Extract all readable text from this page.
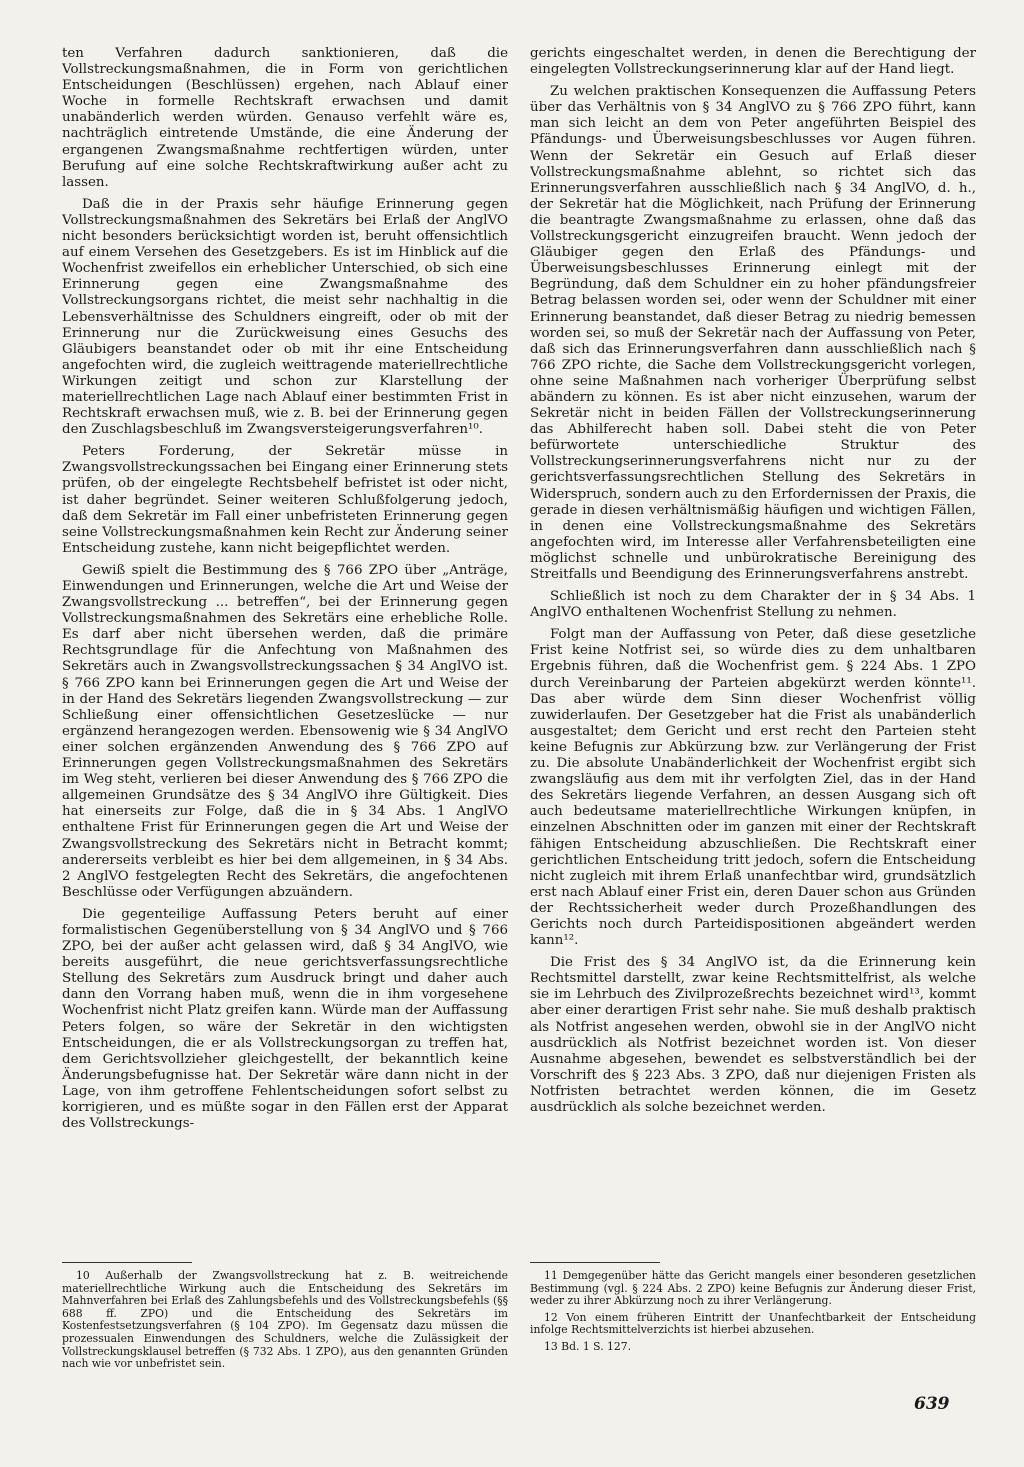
ten Verfahren dadurch sanktionieren, daß die Vollstreckungsmaßnahmen, die in Form von gerichtlichen Entscheidungen (Beschlüssen) ergehen, nach Ablauf einer Woche in formelle Rechtskraft erwachsen und damit unabänderlich werden würden. Genauso verfehlt wäre es, nachträglich eintretende Umstände, die eine Änderung der ergangenen Zwangsmaßnahme rechtfertigen würden, unter Berufung auf eine solche Rechtskraftwirkung außer acht zu lassen.

Daß die in der Praxis sehr häufige Erinnerung gegen Vollstreckungsmaßnahmen des Sekretärs bei Erlaß der AnglVO nicht besonders berücksichtigt worden ist, beruht offensichtlich auf einem Versehen des Gesetzgebers. Es ist im Hinblick auf die Wochenfrist zweifellos ein erheblicher Unterschied, ob sich eine Erinnerung gegen eine Zwangsmaßnahme des Vollstreckungsorgans richtet, die meist sehr nachhaltig in die Lebensverhältnisse des Schuldners eingreift, oder ob mit der Erinnerung nur die Zurückweisung eines Gesuchs des Gläubigers beanstandet oder ob mit ihr eine Entscheidung angefochten wird, die zugleich weittragende materiellrechtliche Wirkungen zeitigt und schon zur Klarstellung der materiellrechtlichen Lage nach Ablauf einer bestimmten Frist in Rechtskraft erwachsen muß, wie z. B. bei der Erinnerung gegen den Zuschlagsbeschluß im Zwangsversteigerungsverfahren¹⁰.

Peters Forderung, der Sekretär müsse in Zwangsvollstreckungssachen bei Eingang einer Erinnerung stets prüfen, ob der eingelegte Rechtsbehelf befristet ist oder nicht, ist daher begründet. Seiner weiteren Schlußfolgerung jedoch, daß dem Sekretär im Fall einer unbefristeten Erinnerung gegen seine Vollstreckungsmaßnahmen kein Recht zur Änderung seiner Entscheidung zustehe, kann nicht beigepflichtet werden.

Gewiß spielt die Bestimmung des § 766 ZPO über „Anträge, Einwendungen und Erinnerungen, welche die Art und Weise der Zwangsvollstreckung ... betreffen“, bei der Erinnerung gegen Vollstreckungsmaßnahmen des Sekretärs eine erhebliche Rolle. Es darf aber nicht übersehen werden, daß die primäre Rechtsgrundlage für die Anfechtung von Maßnahmen des Sekretärs auch in Zwangsvollstreckungssachen § 34 AnglVO ist. § 766 ZPO kann bei Erinnerungen gegen die Art und Weise der in der Hand des Sekretärs liegenden Zwangsvollstreckung — zur Schließung einer offensichtlichen Gesetzeslücke — nur ergänzend herangezogen werden. Ebensowenig wie § 34 AnglVO einer solchen ergänzenden Anwendung des § 766 ZPO auf Erinnerungen gegen Vollstreckungsmaßnahmen des Sekretärs im Weg steht, verlieren bei dieser Anwendung des § 766 ZPO die allgemeinen Grundsätze des § 34 AnglVO ihre Gültigkeit. Dies hat einerseits zur Folge, daß die in § 34 Abs. 1 AnglVO enthaltene Frist für Erinnerungen gegen die Art und Weise der Zwangsvollstreckung des Sekretärs nicht in Betracht kommt; andererseits verbleibt es hier bei dem allgemeinen, in § 34 Abs. 2 AnglVO festgelegten Recht des Sekretärs, die angefochtenen Beschlüsse oder Verfügungen abzuändern.

Die gegenteilige Auffassung Peters beruht auf einer formalistischen Gegenüberstellung von § 34 AnglVO und § 766 ZPO, bei der außer acht gelassen wird, daß § 34 AnglVO, wie bereits ausgeführt, die neue gerichtsverfassungsrechtliche Stellung des Sekretärs zum Ausdruck bringt und daher auch dann den Vorrang haben muß, wenn die in ihm vorgesehene Wochenfrist nicht Platz greifen kann. Würde man der Auffassung Peters folgen, so wäre der Sekretär in den wichtigsten Entscheidungen, die er als Vollstreckungsorgan zu treffen hat, dem Gerichtsvollzieher gleichgestellt, der bekanntlich keine Änderungsbefugnisse hat. Der Sekretär wäre dann nicht in der Lage, von ihm getroffene Fehlentscheidungen sofort selbst zu korrigieren, und es müßte sogar in den Fällen erst der Apparat des Vollstreckungs-

gerichts eingeschaltet werden, in denen die Berechtigung der eingelegten Vollstreckungserinnerung klar auf der Hand liegt.

Zu welchen praktischen Konsequenzen die Auffassung Peters über das Verhältnis von § 34 AnglVO zu § 766 ZPO führt, kann man sich leicht an dem von Peter angeführten Beispiel des Pfändungs- und Überweisungsbeschlusses vor Augen führen. Wenn der Sekretär ein Gesuch auf Erlaß dieser Vollstreckungsmaßnahme ablehnt, so richtet sich das Erinnerungsverfahren ausschließlich nach § 34 AnglVO, d. h., der Sekretär hat die Möglichkeit, nach Prüfung der Erinnerung die beantragte Zwangsmaßnahme zu erlassen, ohne daß das Vollstreckungsgericht einzugreifen braucht. Wenn jedoch der Gläubiger gegen den Erlaß des Pfändungs- und Überweisungsbeschlusses Erinnerung einlegt mit der Begründung, daß dem Schuldner ein zu hoher pfändungsfreier Betrag belassen worden sei, oder wenn der Schuldner mit einer Erinnerung beanstandet, daß dieser Betrag zu niedrig bemessen worden sei, so muß der Sekretär nach der Auffassung von Peter, daß sich das Erinnerungsverfahren dann ausschließlich nach § 766 ZPO richte, die Sache dem Vollstreckungsgericht vorlegen, ohne seine Maßnahmen nach vorheriger Überprüfung selbst abändern zu können. Es ist aber nicht einzusehen, warum der Sekretär nicht in beiden Fällen der Vollstreckungserinnerung das Abhilferecht haben soll. Dabei steht die von Peter befürwortete unterschiedliche Struktur des Vollstreckungserinnerungsverfahrens nicht nur zu der gerichtsverfassungsrechtlichen Stellung des Sekretärs in Widerspruch, sondern auch zu den Erfordernissen der Praxis, die gerade in diesen verhältnismäßig häufigen und wichtigen Fällen, in denen eine Vollstreckungsmaßnahme des Sekretärs angefochten wird, im Interesse aller Verfahrensbeteiligten eine möglichst schnelle und unbürokratische Bereinigung des Streitfalls und Beendigung des Erinnerungsverfahrens anstrebt.

Schließlich ist noch zu dem Charakter der in § 34 Abs. 1 AnglVO enthaltenen Wochenfrist Stellung zu nehmen.

Folgt man der Auffassung von Peter, daß diese gesetzliche Frist keine Notfrist sei, so würde dies zu dem unhaltbaren Ergebnis führen, daß die Wochenfrist gem. § 224 Abs. 1 ZPO durch Vereinbarung der Parteien abgekürzt werden könnte¹¹. Das aber würde dem Sinn dieser Wochenfrist völlig zuwiderlaufen. Der Gesetzgeber hat die Frist als unabänderlich ausgestaltet; dem Gericht und erst recht den Parteien steht keine Befugnis zur Abkürzung bzw. zur Verlängerung der Frist zu. Die absolute Unabänderlichkeit der Wochenfrist ergibt sich zwangsläufig aus dem mit ihr verfolgten Ziel, das in der Hand des Sekretärs liegende Verfahren, an dessen Ausgang sich oft auch bedeutsame materiellrechtliche Wirkungen knüpfen, in einzelnen Abschnitten oder im ganzen mit einer der Rechtskraft fähigen Entscheidung abzuschließen. Die Rechtskraft einer gerichtlichen Entscheidung tritt jedoch, sofern die Entscheidung nicht zugleich mit ihrem Erlaß unanfechtbar wird, grundsätzlich erst nach Ablauf einer Frist ein, deren Dauer schon aus Gründen der Rechtssicherheit weder durch Prozeßhandlungen des Gerichts noch durch Parteidispositionen abgeändert werden kann¹².

Die Frist des § 34 AnglVO ist, da die Erinnerung kein Rechtsmittel darstellt, zwar keine Rechtsmittelfrist, als welche sie im Lehrbuch des Zivilprozeßrechts bezeichnet wird¹³, kommt aber einer derartigen Frist sehr nahe. Sie muß deshalb praktisch als Notfrist angesehen werden, obwohl sie in der AnglVO nicht ausdrücklich als Notfrist bezeichnet worden ist. Von dieser Ausnahme abgesehen, bewendet es selbstverständlich bei der Vorschrift des § 223 Abs. 3 ZPO, daß nur diejenigen Fristen als Notfristen betrachtet werden können, die im Gesetz ausdrücklich als solche bezeichnet werden.

10 Außerhalb der Zwangsvollstreckung hat z. B. weitreichende materiellrechtliche Wirkung auch die Entscheidung des Sekretärs im Mahnverfahren bei Erlaß des Zahlungsbefehls und des Vollstreckungsbefehls (§§ 688 ff. ZPO) und die Entscheidung des Sekretärs im Kostenfestsetzungsverfahren (§ 104 ZPO). Im Gegensatz dazu müssen die prozessualen Einwendungen des Schuldners, welche die Zulässigkeit der Vollstreckungsklausel betreffen (§ 732 Abs. 1 ZPO), aus den genannten Gründen nach wie vor unbefristet sein.

11 Demgegenüber hätte das Gericht mangels einer besonderen gesetzlichen Bestimmung (vgl. § 224 Abs. 2 ZPO) keine Befugnis zur Änderung dieser Frist, weder zu ihrer Abkürzung noch zu ihrer Verlängerung.

12 Von einem früheren Eintritt der Unanfechtbarkeit der Entscheidung infolge Rechtsmittelverzichts ist hierbei abzusehen.

13 Bd. 1 S. 127.

639
